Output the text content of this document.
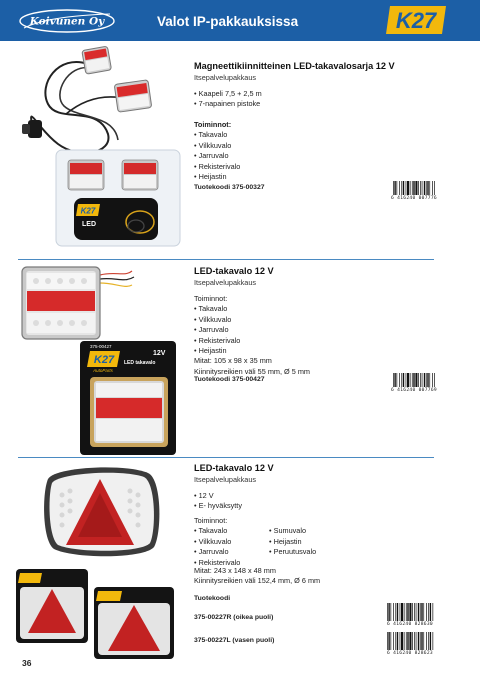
Koivunen Oy	Valot IP-pakkauksissa	K27
K27
LED
Magneettikiinnitteinen LED-takavalosarja 12 V
Itsepalvelupakkaus
• Kaapeli 7,5 + 2,5 m
• 7-napainen pistoke
Toiminnot:
• Takavalo
• Vilkkuvalo
• Jarruvalo
• Rekisterivalo
• Heijastin
Tuotekoodi 375-00327
6 416240 007776
K27
375-00427
12V
LED takavalo
AutoParts
LED-takavalo 12 V
Itsepalvelupakkaus
Toiminnot:
• Takavalo
• Vilkkuvalo
• Jarruvalo
• Rekisterivalo
• Heijastin
Mitat: 105 x 98 x 35 mm
Kiinnitysreikien väli 55 mm, Ø 5 mm
Tuotekoodi 375-00427
6 416240 007769
LED-takavalo 12 V
Itsepalvelupakkaus
• 12 V
• E- hyväksytty
Toiminnot:
• Takavalo
• Vilkkuvalo
• Jarruvalo
• Rekisterivalo
• Sumuvalo
• Heijastin
• Peruutusvalo
Mitat: 243 x 148 x 48 mm
Kiinnitysreikien väli 152,4 mm, Ø 6 mm
Tuotekoodi
375-00227R (oikea puoli)
375-00227L (vasen puoli)
6 416240 828630
6 416240 828623
36
